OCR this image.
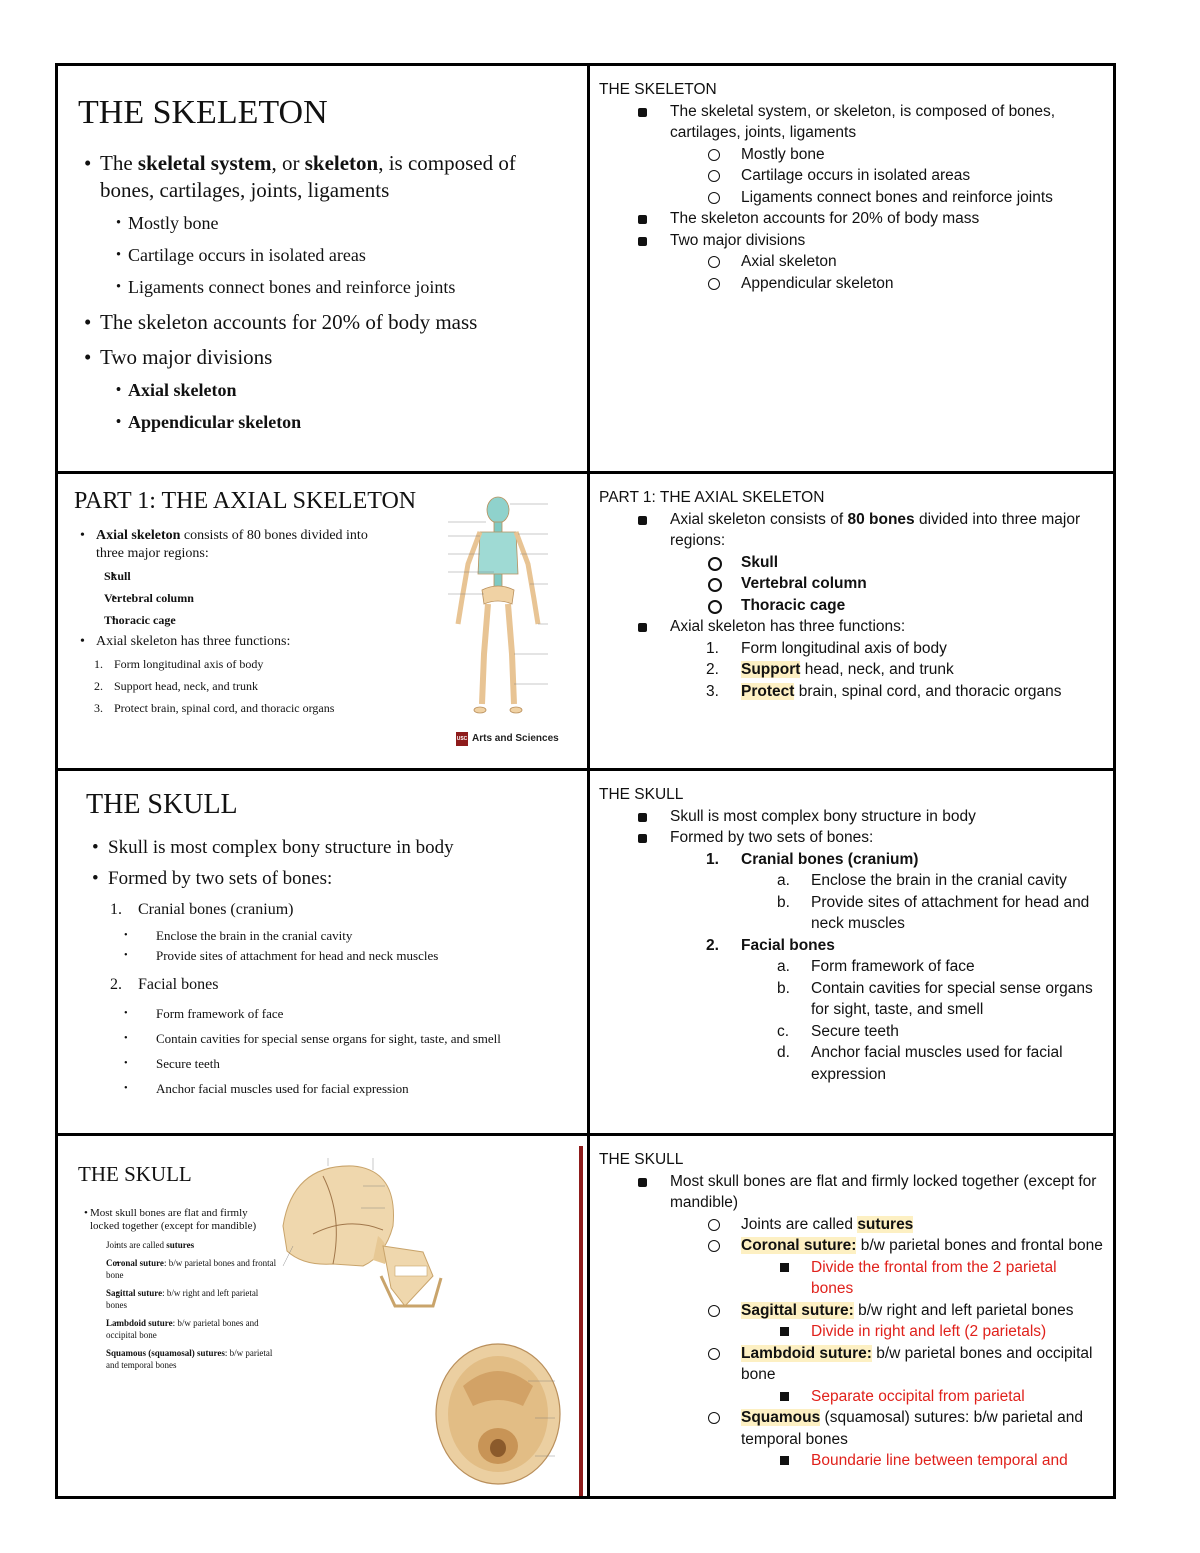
THE SKELETON
• The skeletal system, or skeleton, is composed of bones, cartilages, joints, ligaments
• Mostly bone
• Cartilage occurs in isolated areas
• Ligaments connect bones and reinforce joints
• The skeleton accounts for 20% of body mass
• Two major divisions
• Axial skeleton
• Appendicular skeleton
THE SKELETON
The skeletal system, or skeleton, is composed of bones, cartilages, joints, ligaments
Mostly bone
Cartilage occurs in isolated areas
Ligaments connect bones and reinforce joints
The skeleton accounts for 20% of body mass
Two major divisions
Axial skeleton
Appendicular skeleton
PART 1: THE AXIAL SKELETON
• Axial skeleton consists of 80 bones divided into three major regions:
• Skull
• Vertebral column
• Thoracic cage
• Axial skeleton has three functions:
1. Form longitudinal axis of body
2. Support head, neck, and trunk
3. Protect brain, spinal cord, and thoracic organs
USC Arts and Sciences
PART 1: THE AXIAL SKELETON
Axial skeleton consists of 80 bones divided into three major regions:
Skull
Vertebral column
Thoracic cage
Axial skeleton has three functions:
1. Form longitudinal axis of body
2. Support head, neck, and trunk
3. Protect brain, spinal cord, and thoracic organs
THE SKULL
• Skull is most complex bony structure in body
• Formed by two sets of bones:
1. Cranial bones (cranium)
• Enclose the brain in the cranial cavity
• Provide sites of attachment for head and neck muscles
2. Facial bones
• Form framework of face
• Contain cavities for special sense organs for sight, taste, and smell
• Secure teeth
• Anchor facial muscles used for facial expression
THE SKULL
Skull is most complex bony structure in body
Formed by two sets of bones:
1. Cranial bones (cranium)
a. Enclose the brain in the cranial cavity
b. Provide sites of attachment for head and neck muscles
2. Facial bones
a. Form framework of face
b. Contain cavities for special sense organs for sight, taste, and smell
c. Secure teeth
d. Anchor facial muscles used for facial expression
THE SKULL
• Most skull bones are flat and firmly locked together (except for mandible)
• Joints are called sutures
• Coronal suture: b/w parietal bones and frontal bone
• Sagittal suture: b/w right and left parietal bones
• Lambdoid suture: b/w parietal bones and occipital bone
• Squamous (squamosal) sutures: b/w parietal and temporal bones
THE SKULL
Most skull bones are flat and firmly locked together (except for mandible)
Joints are called sutures
Coronal suture: b/w parietal bones and frontal bone
Divide the frontal from the 2 parietal bones
Sagittal suture: b/w right and left parietal bones
Divide in right and left (2 parietals)
Lambdoid suture: b/w parietal bones and occipital bone
Separate occipital from parietal
Squamous (squamosal) sutures: b/w parietal and temporal bones
Boundarie line between temporal and
